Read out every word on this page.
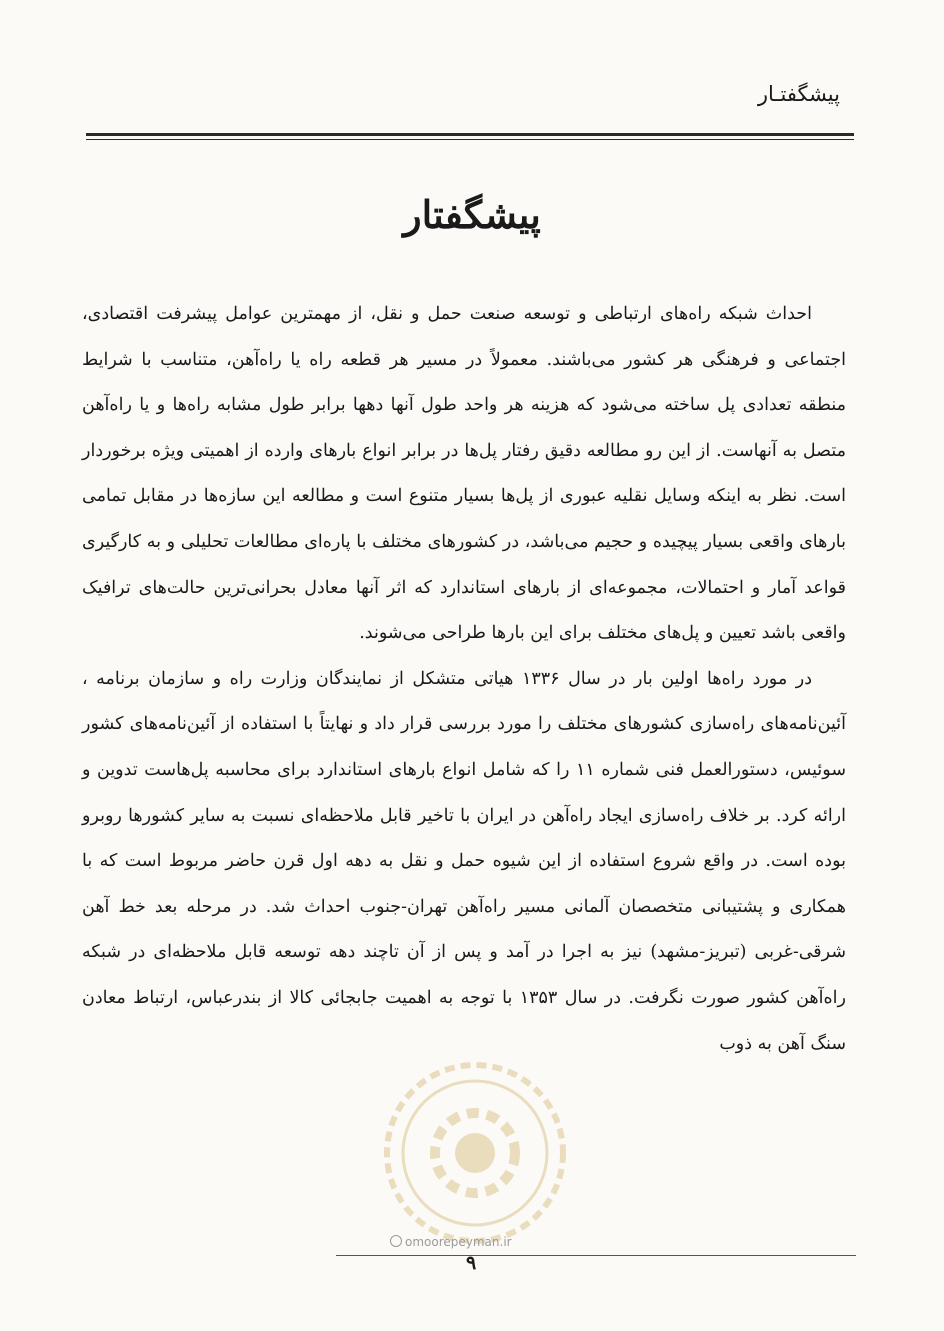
پیشگفتـار
پیشگفتار

احداث شبکه راه‌های ارتباطی و توسعه صنعت حمل و نقل، از مهمترین عوامل پیشرفت اقتصادی، اجتماعی و فرهنگی هر کشور می‌باشند. معمولاً در مسیر هر قطعه راه یا راه‌آهن، متناسب با شرایط منطقه تعدادی پل ساخته می‌شود که هزینه هر واحد طول آنها دهها برابر طول مشابه راه‌ها و یا راه‌آهن متصل به آنهاست. از این رو مطالعه دقیق رفتار پل‌ها در برابر انواع بارهای وارده از اهمیتی ویژه برخوردار است. نظر به اینکه وسایل نقلیه عبوری از پل‌ها بسیار متنوع است و مطالعه این سازه‌ها در مقابل تمامی بارهای واقعی بسیار پیچیده و حجیم می‌باشد، در کشورهای مختلف با پاره‌ای مطالعات تحلیلی و به کارگیری قواعد آمار و احتمالات، مجموعه‌ای از بارهای استاندارد که اثر آنها معادل بحرانی‌ترین حالت‌های ترافیک واقعی باشد تعیین و پل‌های مختلف برای این بارها طراحی می‌شوند.

در مورد راه‌ها اولین بار در سال ۱۳۳۶ هیاتی متشکل از نمایندگان وزارت راه و سازمان برنامه ، آئین‌نامه‌های راه‌سازی کشورهای مختلف را مورد بررسی قرار داد و نهایتاً با استفاده از آئین‌نامه‌های کشور سوئیس، دستورالعمل فنی شماره ۱۱ را که شامل انواع بارهای استاندارد برای محاسبه پل‌هاست تدوین و ارائه کرد. بر خلاف راه‌سازی ایجاد راه‌آهن در ایران با تاخیر قابل ملاحظه‌ای نسبت به سایر کشورها روبرو بوده است. در واقع شروع استفاده از این شیوه حمل و نقل به دهه اول قرن حاضر مربوط است که با همکاری و پشتیبانی متخصصان آلمانی مسیر راه‌آهن تهران-جنوب احداث شد. در مرحله بعد خط آهن شرقی-غربی (تبریز-مشهد) نیز به اجرا در آمد و پس از آن تاچند دهه توسعه قابل ملاحظه‌ای در شبکه راه‌آهن کشور صورت نگرفت. در سال ۱۳۵۳ با توجه به اهمیت جابجائی کالا از بندرعباس، ارتباط معادن سنگ آهن به ذوب

omoorepeyman.ir
۹
